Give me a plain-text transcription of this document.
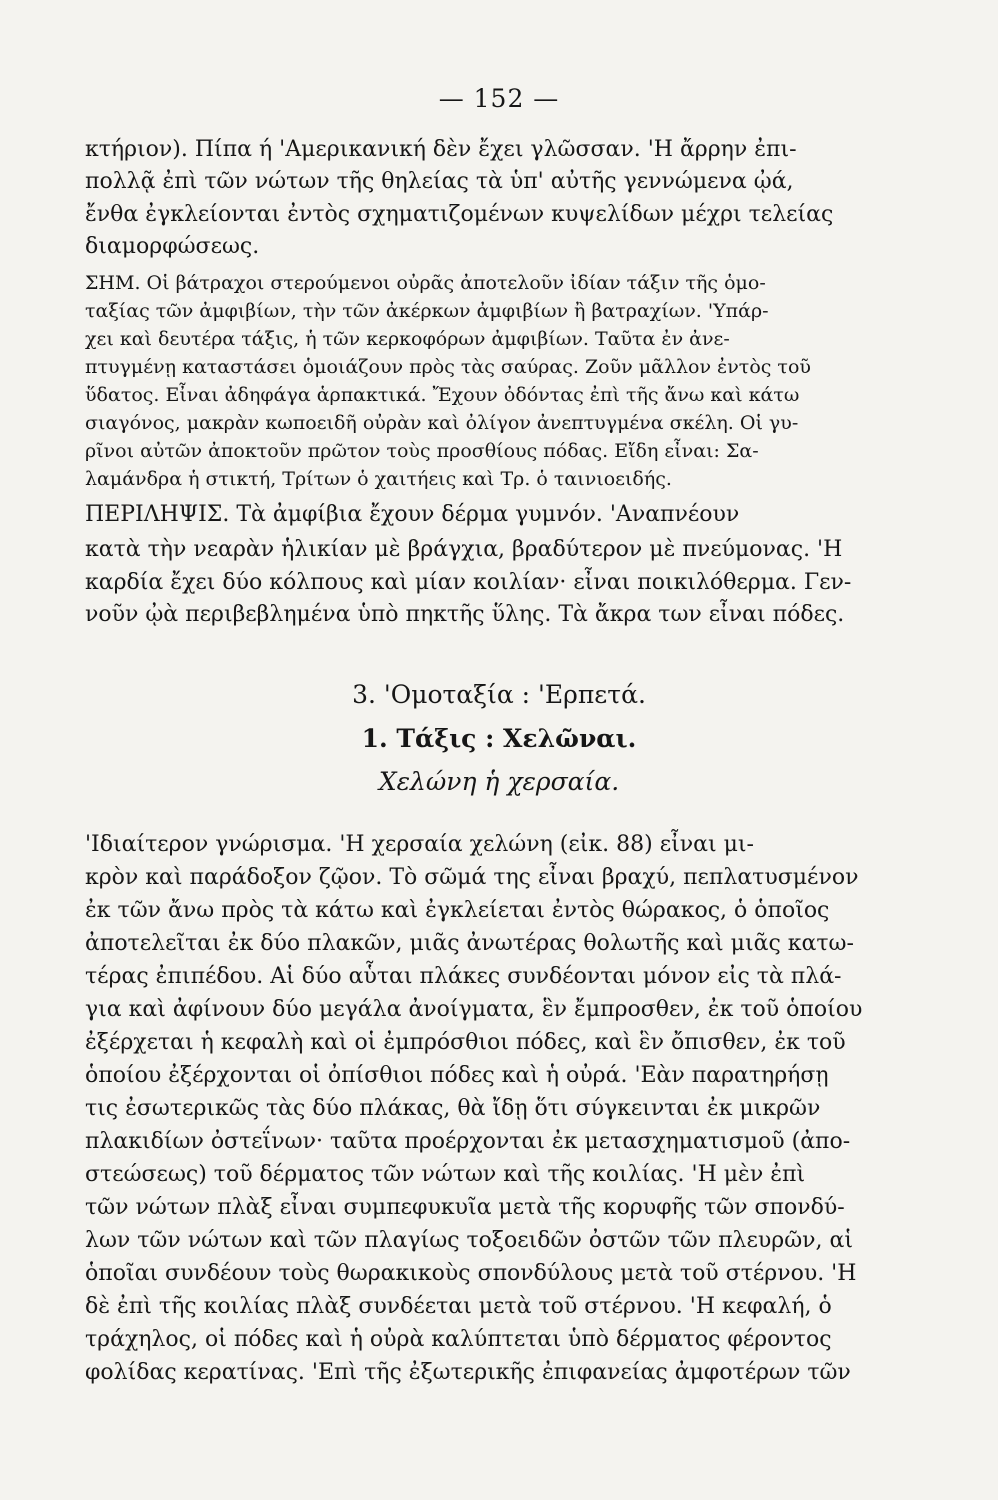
— 152 —
κτήριον). Πίπα ή 'Αμερικανική δὲν ἔχει γλῶσσαν. 'Η ἄρρην ἐπι-
πολλᾷ ἐπὶ τῶν νώτων τῆς θηλείας τὰ ὑπ' αὐτῆς γεννώμενα ᾠά,
ἔνθα ἐγκλείονται ἐντὸς σχηματιζομένων κυψελίδων μέχρι τελείας
διαμορφώσεως.
ΣΗΜ. Οἱ βάτραχοι στερούμενοι οὐρᾶς ἀποτελοῦν ἰδίαν τάξιν τῆς ὁμο-
ταξίας τῶν ἀμφιβίων, τὴν τῶν ἀκέρκων ἀμφιβίων ἢ βατραχίων. 'Υπάρ-
χει καὶ δευτέρα τάξις, ἡ τῶν κερκοφόρων ἀμφιβίων. Ταῦτα ἐν ἀνε-
πτυγμένῃ καταστάσει ὁμοιάζουν πρὸς τὰς σαύρας. Ζοῦν μᾶλλον ἐντὸς τοῦ
ὕδατος. Εἶναι ἀδηφάγα ἁρπακτικά. Ἔχουν ὀδόντας ἐπὶ τῆς ἄνω καὶ κάτω
σιαγόνος, μακρὰν κωποειδῆ οὐρὰν καὶ ὀλίγον ἀνεπτυγμένα σκέλη. Οἱ γυ-
ρῖνοι αὐτῶν ἀποκτοῦν πρῶτον τοὺς προσθίους πόδας. Εἴδη εἶναι: Σα-
λαμάνδρα ἡ στικτή, Τρίτων ὁ χαιτήεις καὶ Τρ. ὁ ταινιοειδής.
ΠΕΡΙΛΗΨΙΣ. Τὰ ἀμφίβια ἔχουν δέρμα γυμνόν. 'Αναπνέουν
κατὰ τὴν νεαρὰν ἡλικίαν μὲ βράγχια, βραδύτερον μὲ πνεύμονας. 'Η
καρδία ἔχει δύο κόλπους καὶ μίαν κοιλίαν· εἶναι ποικιλόθερμα. Γεν-
νοῦν ᾠὰ περιβεβλημένα ὑπὸ πηκτῆς ὕλης. Τὰ ἄκρα των εἶναι πόδες.
3. 'Ομοταξία : 'Ερπετά.
1. Τάξις : Χελῶναι.
Χελώνη ἡ χερσαία.
'Ιδιαίτερον γνώρισμα. 'Η χερσαία χελώνη (εἰκ. 88) εἶναι μι-
κρὸν καὶ παράδοξον ζῷον. Τὸ σῶμά της εἶναι βραχύ, πεπλατυσμένον
ἐκ τῶν ἄνω πρὸς τὰ κάτω καὶ ἐγκλείεται ἐντὸς θώρακος, ὁ ὁποῖος
ἀποτελεῖται ἐκ δύο πλακῶν, μιᾶς ἀνωτέρας θολωτῆς καὶ μιᾶς κατω-
τέρας ἐπιπέδου. Αἱ δύο αὗται πλάκες συνδέονται μόνον εἰς τὰ πλά-
για καὶ ἀφίνουν δύο μεγάλα ἀνοίγματα, ἓν ἔμπροσθεν, ἐκ τοῦ ὁποίου
ἐξέρχεται ἡ κεφαλὴ καὶ οἱ ἐμπρόσθιοι πόδες, καὶ ἓν ὄπισθεν, ἐκ τοῦ
ὁποίου ἐξέρχονται οἱ ὀπίσθιοι πόδες καὶ ἡ οὐρά. 'Εὰν παρατηρήσῃ
τις ἐσωτερικῶς τὰς δύο πλάκας, θὰ ἴδῃ ὅτι σύγκεινται ἐκ μικρῶν
πλακιδίων ὀστεΐνων· ταῦτα προέρχονται ἐκ μετασχηματισμοῦ (ἀπο-
στεώσεως) τοῦ δέρματος τῶν νώτων καὶ τῆς κοιλίας. 'Η μὲν ἐπὶ
τῶν νώτων πλὰξ εἶναι συμπεφυκυῖα μετὰ τῆς κορυφῆς τῶν σπονδύ-
λων τῶν νώτων καὶ τῶν πλαγίως τοξοειδῶν ὀστῶν τῶν πλευρῶν, αἱ
ὁποῖαι συνδέουν τοὺς θωρακικοὺς σπονδύλους μετὰ τοῦ στέρνου. 'Η
δὲ ἐπὶ τῆς κοιλίας πλὰξ συνδέεται μετὰ τοῦ στέρνου. 'Η κεφαλή, ὁ
τράχηλος, οἱ πόδες καὶ ἡ οὐρὰ καλύπτεται ὑπὸ δέρματος φέροντος
φολίδας κερατίνας. 'Επὶ τῆς ἐξωτερικῆς ἐπιφανείας ἀμφοτέρων τῶν
